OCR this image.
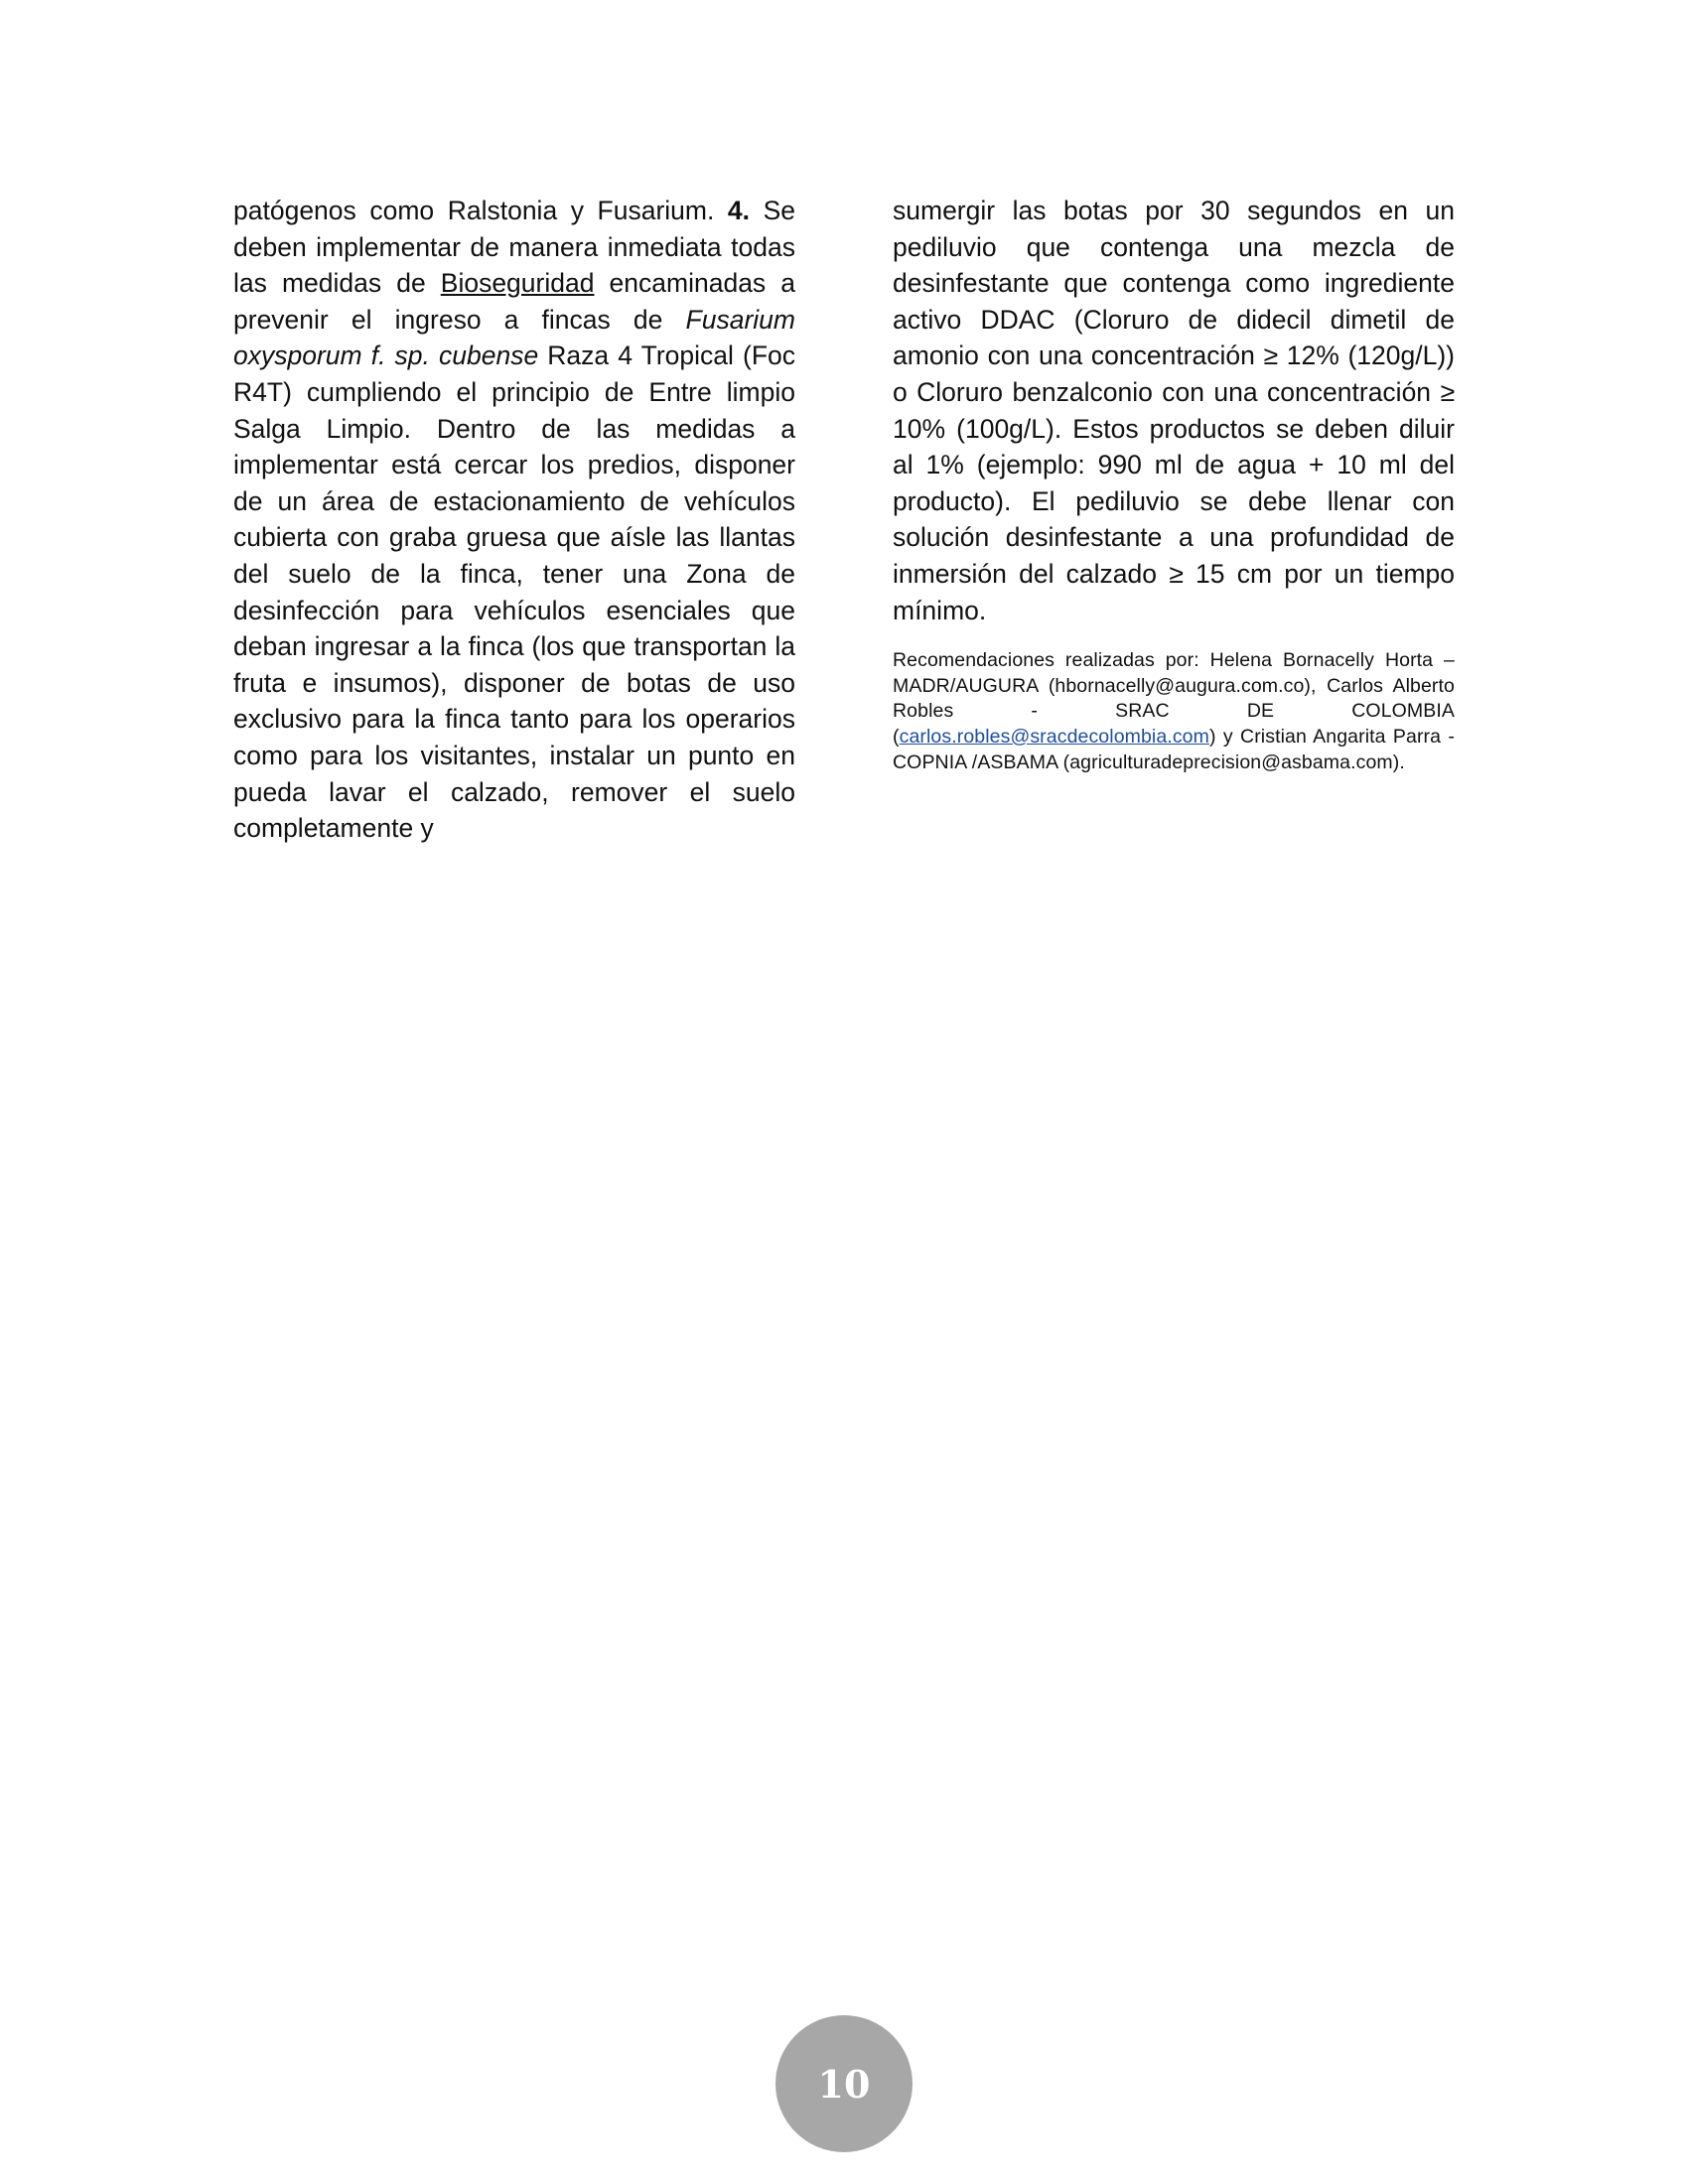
patógenos como Ralstonia y Fusarium. 4. Se deben implementar de manera inmediata todas las medidas de Bioseguridad encaminadas a prevenir el ingreso a fincas de Fusarium oxysporum f. sp. cubense Raza 4 Tropical (Foc R4T) cumpliendo el principio de Entre limpio Salga Limpio. Dentro de las medidas a implementar está cercar los predios, disponer de un área de estacionamiento de vehículos cubierta con graba gruesa que aísle las llantas del suelo de la finca, tener una Zona de desinfección para vehículos esenciales que deban ingresar a la finca (los que transportan la fruta e insumos), disponer de botas de uso exclusivo para la finca tanto para los operarios como para los visitantes, instalar un punto en pueda lavar el calzado, remover el suelo completamente y

sumergir las botas por 30 segundos en un pediluvio que contenga una mezcla de desinfestante que contenga como ingrediente activo DDAC (Cloruro de didecil dimetil de amonio con una concentración ≥ 12% (120g/L)) o Cloruro benzalconio con una concentración ≥ 10% (100g/L). Estos productos se deben diluir al 1% (ejemplo: 990 ml de agua + 10 ml del producto). El pediluvio se debe llenar con solución desinfestante a una profundidad de inmersión del calzado ≥ 15 cm por un tiempo mínimo.

Recomendaciones realizadas por: Helena Bornacelly Horta – MADR/AUGURA (hbornacelly@augura.com.co), Carlos Alberto Robles - SRAC DE COLOMBIA (carlos.robles@sracdecolombia.com) y Cristian Angarita Parra - COPNIA /ASBAMA (agriculturadeprecision@asbama.com).

10
